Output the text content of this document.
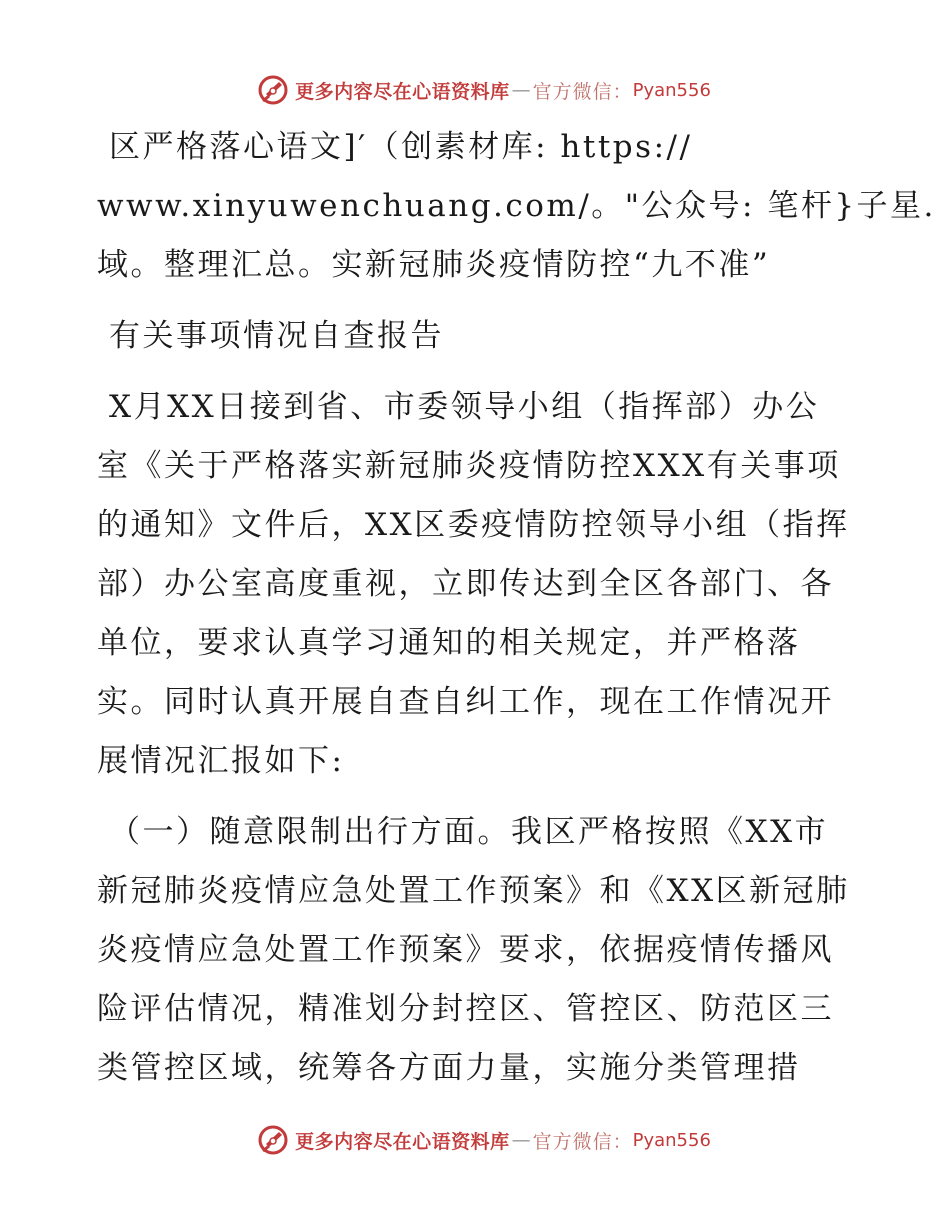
更多内容尽在心语资料库 — 官方微信： Pyan556
区严格落心语文]′（创素材库: https://
www.xinyuwenchuang.com/。"公众号: 笔杆}子星.
域。整理汇总。实新冠肺炎疫情防控“九不准”
有关事项情况自查报告
X月XX日接到省、市委领导小组（指挥部）办公
室《关于严格落实新冠肺炎疫情防控XXX有关事项
的通知》文件后，XX区委疫情防控领导小组（指挥
部）办公室高度重视，立即传达到全区各部门、各
单位，要求认真学习通知的相关规定，并严格落
实。同时认真开展自查自纠工作，现在工作情况开
展情况汇报如下:
（一）随意限制出行方面。我区严格按照《XX市
新冠肺炎疫情应急处置工作预案》和《XX区新冠肺
炎疫情应急处置工作预案》要求，依据疫情传播风
险评估情况，精准划分封控区、管控区、防范区三
类管控区域，统筹各方面力量，实施分类管理措
更多内容尽在心语资料库 — 官方微信： Pyan556
